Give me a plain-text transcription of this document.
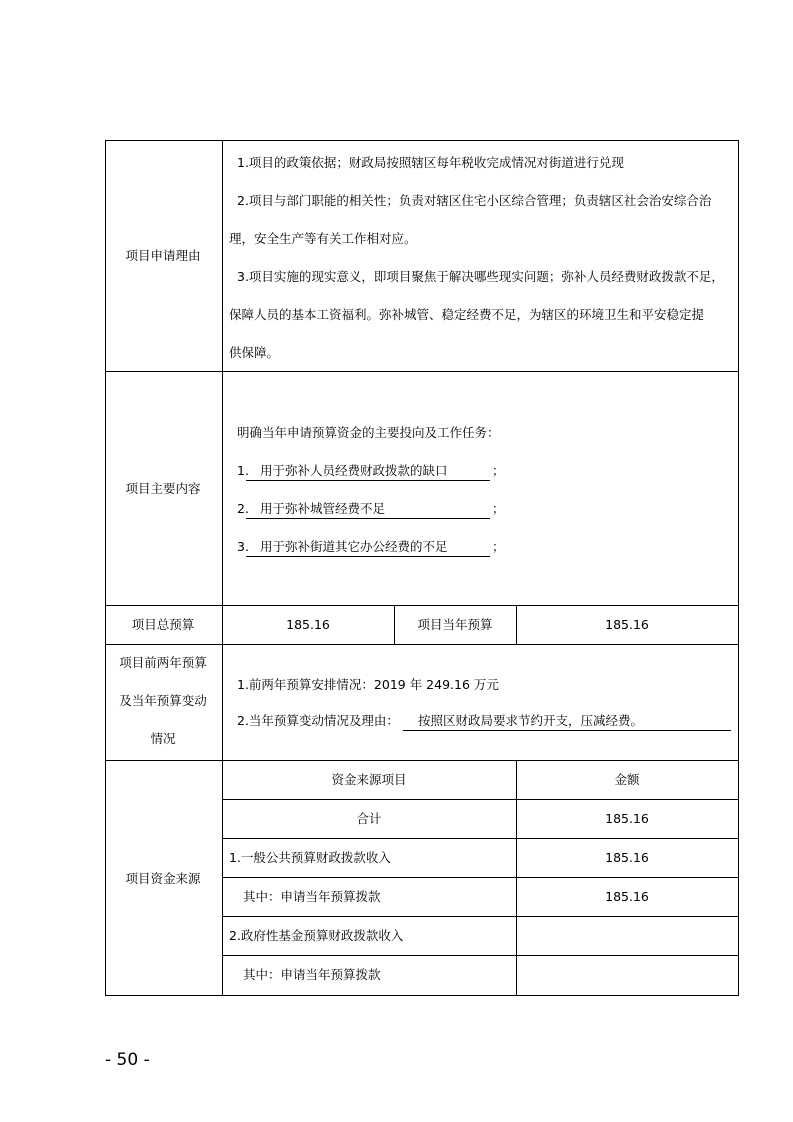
项目申请理由
1.项目的政策依据；财政局按照辖区每年税收完成情况对街道进行兑现
2.项目与部门职能的相关性；负责对辖区住宅小区综合管理；负责辖区社会治安综合治
理，安全生产等有关工作相对应。
3.项目实施的现实意义，即项目聚焦于解决哪些现实问题；弥补人员经费财政拨款不足，
保障人员的基本工资福利。弥补城管、稳定经费不足，为辖区的环境卫生和平安稳定提
供保障。
项目主要内容
明确当年申请预算资金的主要投向及工作任务：
1. 用于弥补人员经费财政拨款的缺口	；
2. 用于弥补城管经费不足	；
3. 用于弥补街道其它办公经费的不足	；
项目总预算	185.16	项目当年预算	185.16
项目前两年预算
及当年预算变动
情况
1.前两年预算安排情况：2019 年 249.16 万元
2.当年预算变动情况及理由： 按照区财政局要求节约开支，压减经费。
项目资金来源
资金来源项目	金额
合计	185.16
1.一般公共预算财政拨款收入	185.16
其中：申请当年预算拨款	185.16
2.政府性基金预算财政拨款收入
其中：申请当年预算拨款
- 50 -
